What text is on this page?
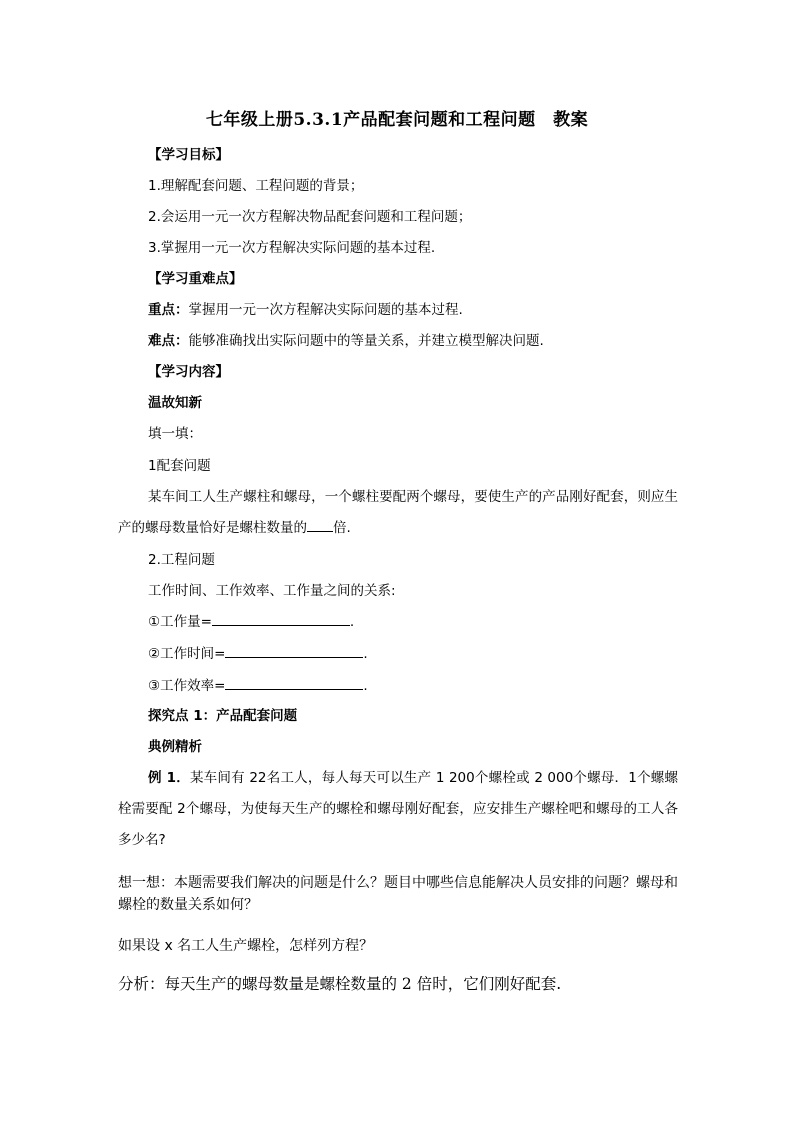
七年级上册5.3.1产品配套问题和工程问题　教案
【学习目标】
1.理解配套问题、工程问题的背景；
2.会运用一元一次方程解决物品配套问题和工程问题；
3.掌握用一元一次方程解决实际问题的基本过程.
【学习重难点】
重点：掌握用一元一次方程解决实际问题的基本过程.
难点：能够准确找出实际问题中的等量关系，并建立模型解决问题.
【学习内容】
温故知新
填一填：
1配套问题
某车间工人生产螺柱和螺母，一个螺柱要配两个螺母，要使生产的产品刚好配套，则应生产的螺母数量恰好是螺柱数量的 倍.
2.工程问题
工作时间、工作效率、工作量之间的关系:
①工作量=	.
②工作时间=	.
③工作效率=	.
探究点 1：产品配套问题
典例精析
例 1．某车间有 22名工人，每人每天可以生产 1 200个螺栓或 2 000个螺母．1个螺螺栓需要配 2个螺母，为使每天生产的螺栓和螺母刚好配套，应安排生产螺栓吧和螺母的工人各多少名?
想一想：本题需要我们解决的问题是什么？题目中哪些信息能解决人员安排的问题？螺母和螺栓的数量关系如何？
如果设 x 名工人生产螺栓，怎样列方程？
分析：每天生产的螺母数量是螺栓数量的 2 倍时，它们刚好配套.
